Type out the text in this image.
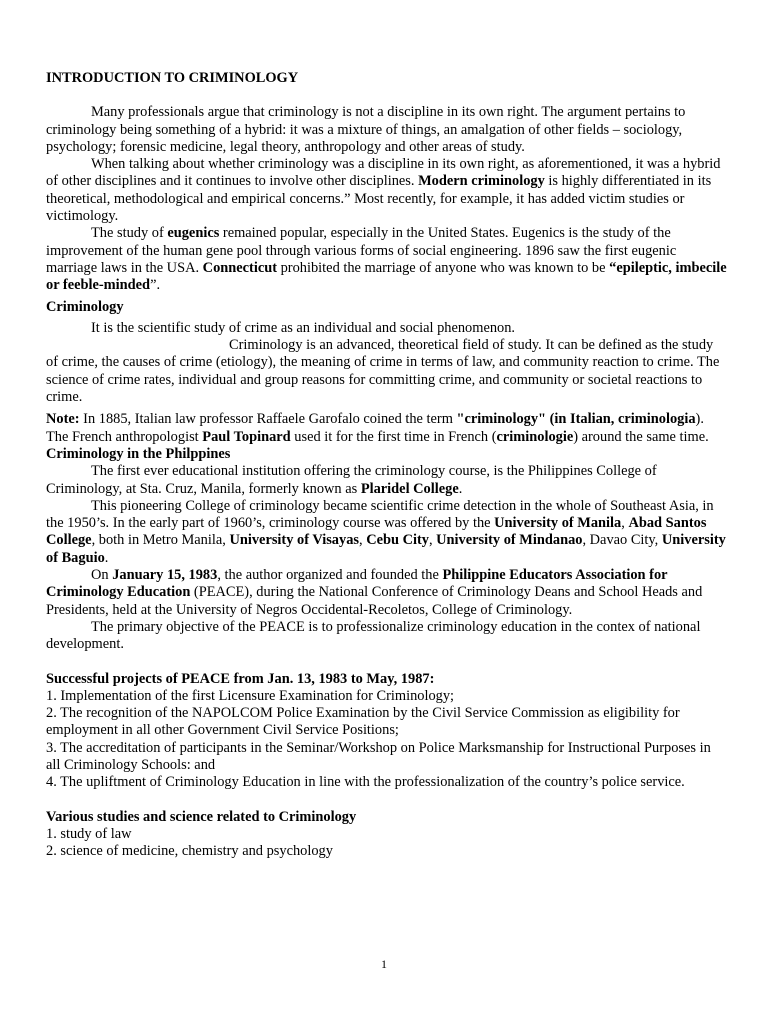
INTRODUCTION TO CRIMINOLOGY

Many professionals argue that criminology is not a discipline in its own right. The argument pertains to criminology being something of a hybrid: it was a mixture of things, an amalgation of other fields – sociology, psychology; forensic medicine, legal theory, anthropology and other areas of study.

When talking about whether criminology was a discipline in its own right, as aforementioned, it was a hybrid of other disciplines and it continues to involve other disciplines. Modern criminology is highly differentiated in its theoretical, methodological and empirical concerns.” Most recently, for example, it has added victim studies or victimology.

The study of eugenics remained popular, especially in the United States. Eugenics is the study of the improvement of the human gene pool through various forms of social engineering. 1896 saw the first eugenic marriage laws in the USA. Connecticut prohibited the marriage of anyone who was known to be “epileptic, imbecile or feeble-minded”.

Criminology

It is the scientific study of crime as an individual and social phenomenon.

Criminology is an advanced, theoretical field of study. It can be defined as the study of crime, the causes of crime (etiology), the meaning of crime in terms of law, and community reaction to crime. The science of crime rates, individual and group reasons for committing crime, and community or societal reactions to crime.

Note: In 1885, Italian law professor Raffaele Garofalo coined the term "criminology" (in Italian, criminologia). The French anthropologist Paul Topinard used it for the first time in French (criminologie) around the same time.

Criminology in the Philppines

The first ever educational institution offering the criminology course, is the Philippines College of Criminology, at Sta. Cruz, Manila, formerly known as Plaridel College.

This pioneering College of criminology became scientific crime detection in the whole of Southeast Asia, in the 1950’s. In the early part of 1960’s, criminology course was offered by the University of Manila, Abad Santos College, both in Metro Manila, University of Visayas, Cebu City, University of Mindanao, Davao City, University of Baguio.

On January 15, 1983, the author organized and founded the Philippine Educators Association for Criminology Education (PEACE), during the National Conference of Criminology Deans and School Heads and Presidents, held at the University of Negros Occidental-Recoletos, College of Criminology.

The primary objective of the PEACE is to professionalize criminology education in the contex of national development.

Successful projects of PEACE from Jan. 13, 1983 to May, 1987:

1. Implementation of the first Licensure Examination for Criminology;

2. The recognition of the NAPOLCOM Police Examination by the Civil Service Commission as eligibility for employment in all other Government Civil Service Positions;

3. The accreditation of participants in the Seminar/Workshop on Police Marksmanship for Instructional Purposes in all Criminology Schools: and

4. The upliftment of Criminology Education in line with the professionalization of the country’s police service.

Various studies and science related to Criminology

1. study of law

2. science of medicine, chemistry and psychology

1
